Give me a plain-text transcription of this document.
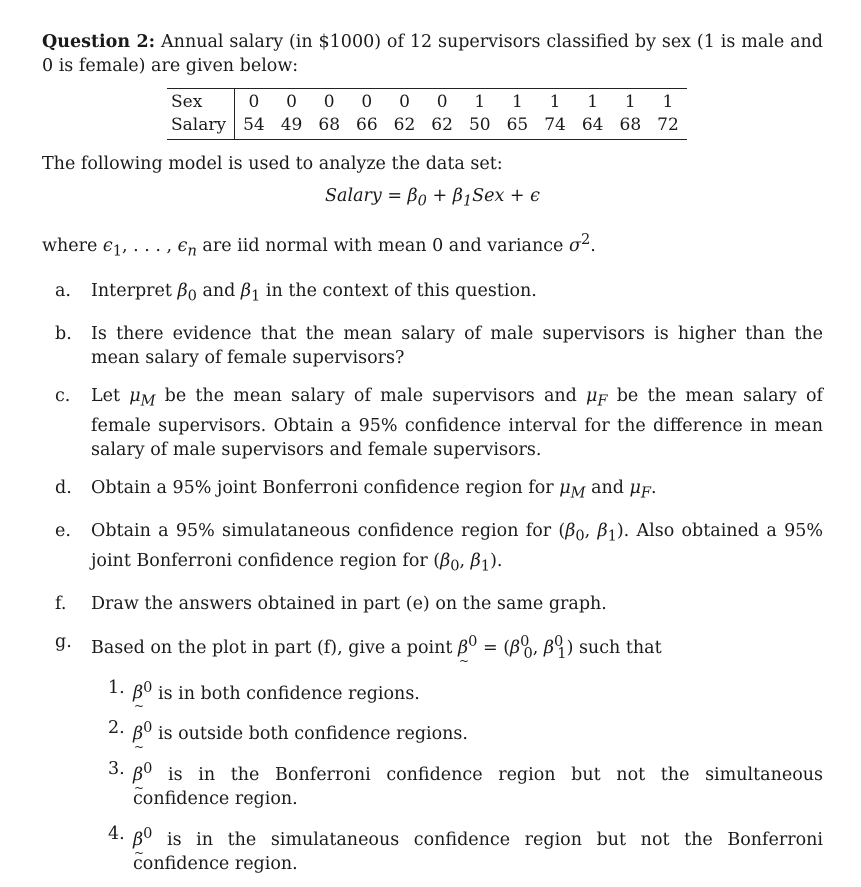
Question 2: Annual salary (in $1000) of 12 supervisors classified by sex (1 is male and 0 is female) are given below:

Sex	0	0	0	0	0	0	1	1	1	1	1	1
Salary	54	49	68	66	62	62	50	65	74	64	68	72

The following model is used to analyze the data set:

Salary = $\beta_0 + \beta_1Sex + \epsilon$

where $\epsilon_1$, . . . , $\epsilon_n$ are iid normal with mean 0 and variance $\sigma^2$.

a. Interpret $\beta_0$ and $\beta_1$ in the context of this question.
b. Is there evidence that the mean salary of male supervisors is higher than the mean salary of female supervisors?
c. Let $\mu_M$ be the mean salary of male supervisors and $\mu_F$ be the mean salary of female supervisors. Obtain a 95% confidence interval for the difference in mean salary of male supervisors and female supervisors.
d. Obtain a 95% joint Bonferroni confidence region for $\mu_M$ and $\mu_F$.
e. Obtain a 95% simulataneous confidence region for ($\beta_0$, $\beta_1$). Also obtained a 95% joint Bonferroni confidence region for ($\beta_0$, $\beta_1$).
f. Draw the answers obtained in part (e) on the same graph.
g. Based on the plot in part (f), give a point β ~$^0$ = ($\beta^0_0$, $\beta^0_1$) such that
1. β ~$^0$ is in both confidence regions.
2. β ~$^0$ is outside both confidence regions.
3. β ~$^0$ is in the Bonferroni confidence region but not the simultaneous confidence region.
4. β ~$^0$ is in the simulataneous confidence region but not the Bonferroni confidence region.
